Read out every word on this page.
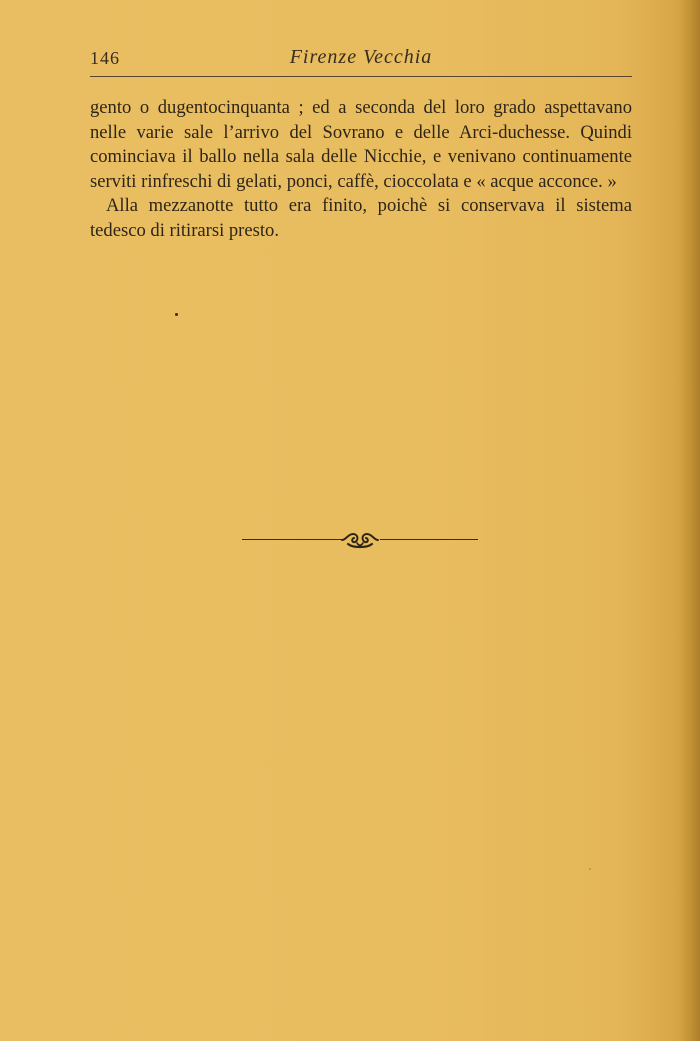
146	Firenze Vecchia

gento o dugentocinquanta ; ed a seconda del loro grado aspettavano nelle varie sale l’arrivo del Sovrano e delle Arci-duchesse. Quindi cominciava il ballo nella sala delle Nicchie, e venivano continuamente serviti rinfreschi di gelati, ponci, caffè, cioccolata e « acque acconce. »

Alla mezzanotte tutto era finito, poichè si conservava il sistema tedesco di ritirarsi presto.
